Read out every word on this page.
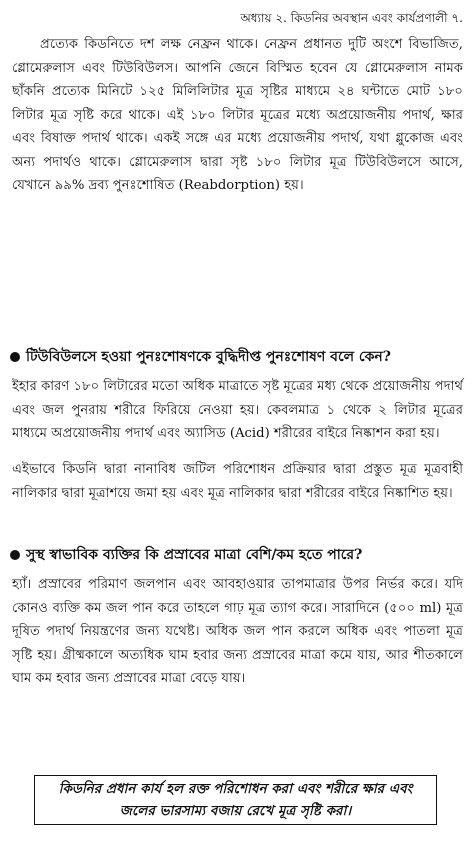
অধ্যায় ২. কিডনির অবস্থান এবং কার্যপ্রণালী ৭.

প্রত্যেক কিডনিতে দশ লক্ষ নেফ্রন থাকে। নেফ্রন প্রধানত দুটি অংশে বিভাজিত, গ্লোমেরুলাস এবং টিউবিউলস। আপনি জেনে বিস্মিত হবেন যে গ্লোমেরুলাস নামক ছাঁকনি প্রত্যেক মিনিটে ১২৫ মিলিলিটার মূত্র সৃষ্টির মাধ্যমে ২৪ ঘন্টাতে মোট ১৮০ লিটার মূত্র সৃষ্টি করে থাকে। এই ১৮০ লিটার মূত্রের মধ্যে অপ্রয়োজনীয় পদার্থ, ক্ষার এবং বিষাক্ত পদার্থ থাকে। একই সঙ্গে এর মধ্যে প্রয়োজনীয় পদার্থ, যথা গ্লুকোজ এবং অন্য পদার্থও থাকে। গ্লোমেরুলাস দ্বারা সৃষ্ট ১৮০ লিটার মূত্র টিউবিউলসে আসে, যেখানে ৯৯% দ্রব্য পুনঃশোষিত (Reabdorption) হয়।

টিউবিউলসে হওয়া পুনঃশোষণকে বুদ্ধিদীপ্ত পুনঃশোষণ বলে কেন?

ইহার কারণ ১৮০ লিটারের মতো অধিক মাত্রাতে সৃষ্ট মূত্রের মধ্য থেকে প্রয়োজনীয় পদার্থ এবং জল পুনরায় শরীরে ফিরিয়ে নেওয়া হয়। কেবলমাত্র ১ থেকে ২ লিটার মূত্রের মাধ্যমে অপ্রয়োজনীয় পদার্থ এবং অ্যাসিড (Acid) শরীরের বাইরে নিষ্কাশন করা হয়।

এইভাবে কিডনি দ্বারা নানাবিধ জটিল পরিশোধন প্রক্রিয়ার দ্বারা প্রস্তুত মূত্র মূত্রবাহী নালিকার দ্বারা মূত্রাশয়ে জমা হয় এবং মূত্র নালিকার দ্বারা শরীরের বাইরে নিষ্কাশিত হয়।

সুস্থ স্বাভাবিক ব্যক্তির কি প্রস্রাবের মাত্রা বেশি/কম হতে পারে?

হ্যাঁ। প্রস্রাবের পরিমাণ জলপান এবং আবহাওয়ার তাপমাত্রার উপর নির্ভর করে। যদি কোনও ব্যক্তি কম জল পান করে তাহলে গাঢ় মূত্র ত্যাগ করে। সারাদিনে (৫০০ ml) মূত্র দূষিত পদার্থ নিয়ন্ত্রণের জন্য যথেষ্ট। অধিক জল পান করলে অধিক এবং পাতলা মূত্র সৃষ্টি হয়। গ্রীষ্মকালে অত্যধিক ঘাম হবার জন্য প্রস্রাবের মাত্রা কমে যায়, আর শীতকালে ঘাম কম হবার জন্য প্রস্রাবের মাত্রা বেড়ে যায়।

কিডনির প্রধান কার্য হল রক্ত পরিশোধন করা এবং শরীরে ক্ষার এবং জলের ভারসাম্য বজায় রেখে মূত্র সৃষ্টি করা।
